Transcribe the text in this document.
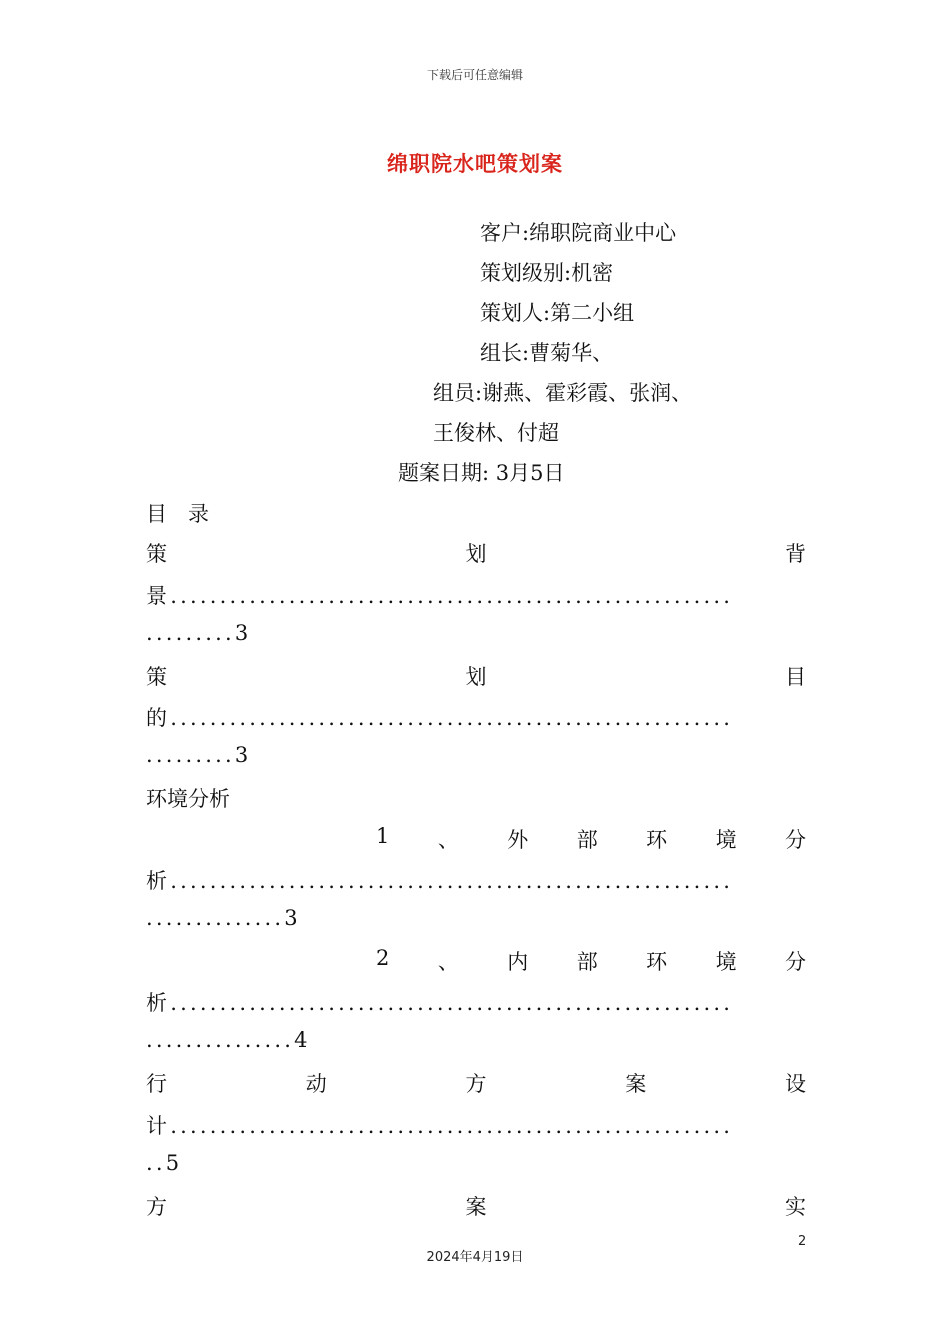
下载后可任意编辑
绵职院水吧策划案
客户:绵职院商业中心
策划级别:机密
策划人:第二小组
组长:曹菊华、
组员:谢燕、霍彩霞、张润、
王俊林、付超
题案日期: 3月5日
目　录
策	划	背
景.........................................................
.........3
策	划	目
的.........................................................
.........3
环境分析
1 、 外 部 环 境 分
析.........................................................
..............3
2 、 内 部 环 境 分
析.........................................................
...............4
行	动	方	案	设
计.........................................................
..5
方	案	实
2
2024年4月19日
